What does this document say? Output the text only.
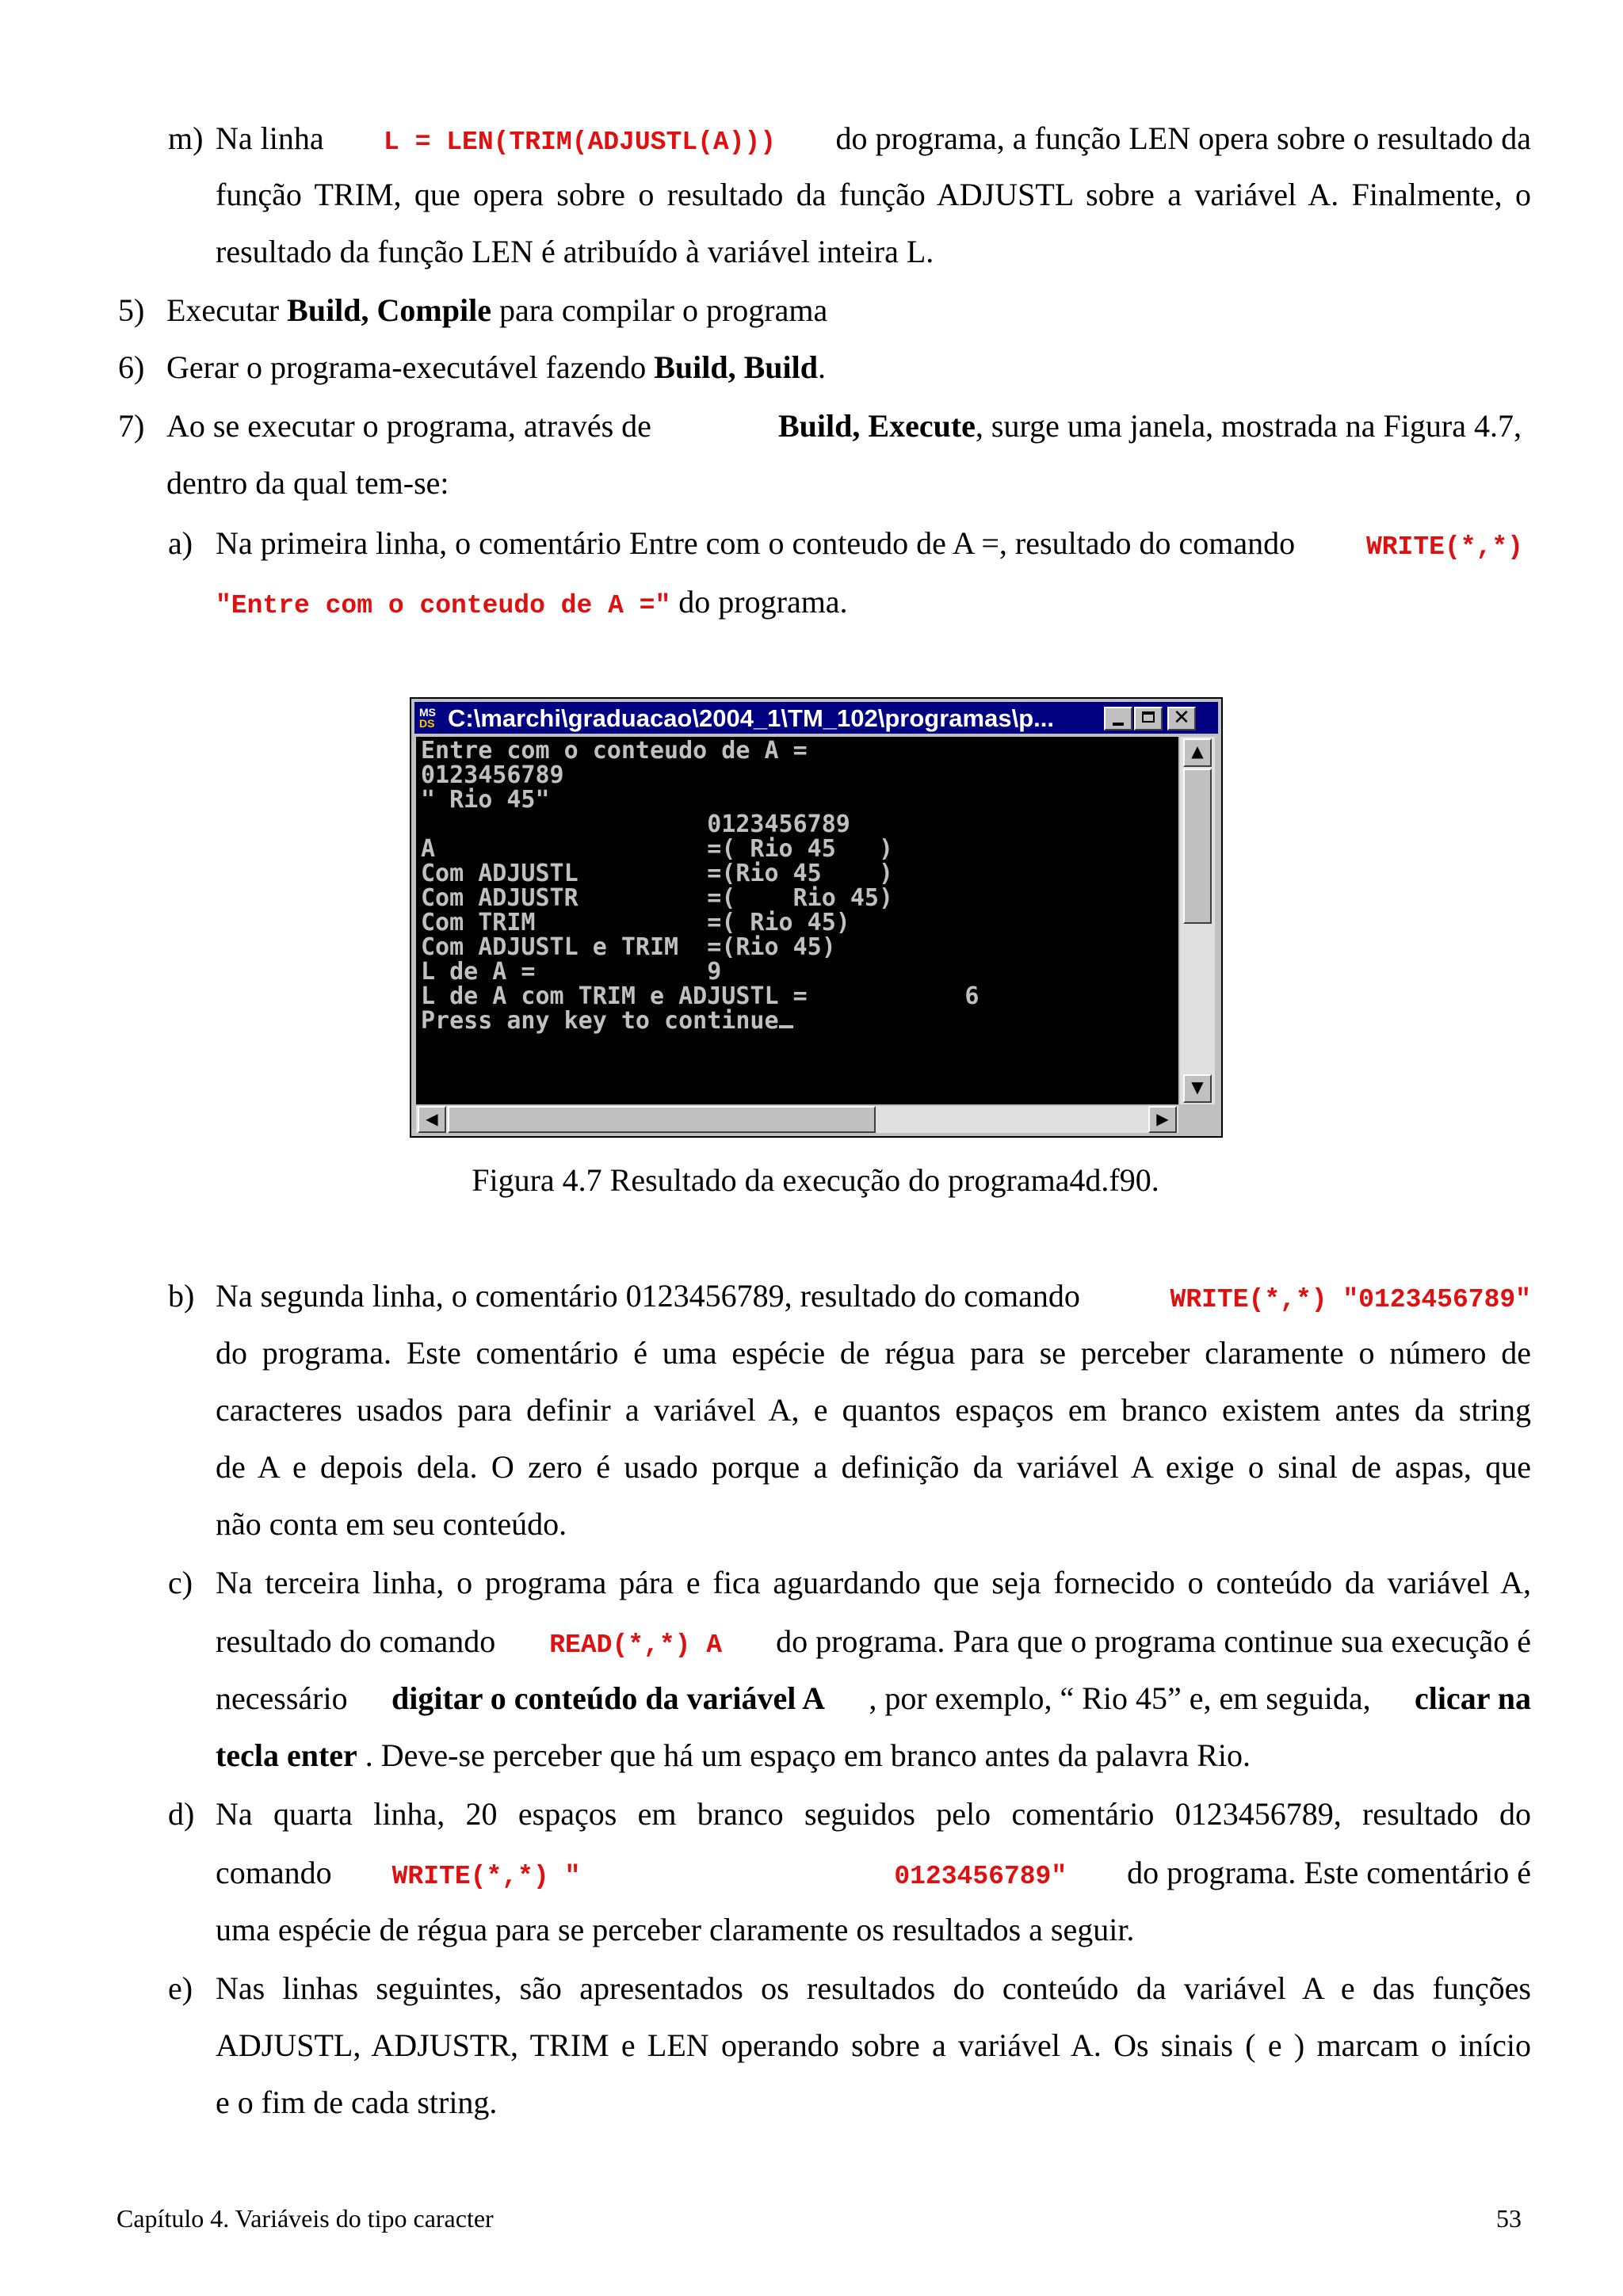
m) Na linha L = LEN(TRIM(ADJUSTL(A))) do programa, a função LEN opera sobre o resultado da
função TRIM, que opera sobre o resultado da função ADJUSTL sobre a variável A. Finalmente, o
resultado da função LEN é atribuído à variável inteira L.
5) Executar Build, Compile para compilar o programa
6) Gerar o programa-executável fazendo Build, Build.
7) Ao se executar o programa, através de	Build, Execute, surge uma janela, mostrada na Figura 4.7,
dentro da qual tem-se:
a) Na primeira linha, o comentário Entre com o conteudo de A =, resultado do comando	WRITE(*,*)
"Entre com o conteudo de A =" do programa.
MS
DS C:\marchi\graduacao\2004_1\TM_102\programas\p...	✕
Entre com o conteudo de A =
0123456789
" Rio 45"
0123456789
A                   =( Rio 45   )
Com ADJUSTL         =(Rio 45    )
Com ADJUSTR         =(    Rio 45)
Com TRIM            =( Rio 45)
Com ADJUSTL e TRIM  =(Rio 45)
L de A =            9
L de A com TRIM e ADJUSTL =           6
Press any key to continue
▲
▼
◀	▶
Figura 4.7 Resultado da execução do programa4d.f90.
b) Na segunda linha, o comentário 0123456789, resultado do comando	WRITE(*,*) "0123456789"
do programa. Este comentário é uma espécie de régua para se perceber claramente o número de
caracteres usados para definir a variável A, e quantos espaços em branco existem antes da string
de A e depois dela. O zero é usado porque a definição da variável A exige o sinal de aspas, que
não conta em seu conteúdo.
c) Na terceira linha, o programa pára e fica aguardando que seja fornecido o conteúdo da variável A,
resultado do comando READ(*,*) A do programa. Para que o programa continue sua execução é
necessário digitar o conteúdo da variável A , por exemplo, “ Rio 45” e, em seguida, clicar na
tecla enter . Deve-se perceber que há um espaço em branco antes da palavra Rio.
d) Na quarta linha, 20 espaços em branco seguidos pelo comentário 0123456789, resultado do
comando WRITE(*,*) "                    0123456789" do programa. Este comentário é
uma espécie de régua para se perceber claramente os resultados a seguir.
e) Nas linhas seguintes, são apresentados os resultados do conteúdo da variável A e das funções
ADJUSTL, ADJUSTR, TRIM e LEN operando sobre a variável A. Os sinais ( e ) marcam o início
e o fim de cada string.
Capítulo 4. Variáveis do tipo caracter	53
